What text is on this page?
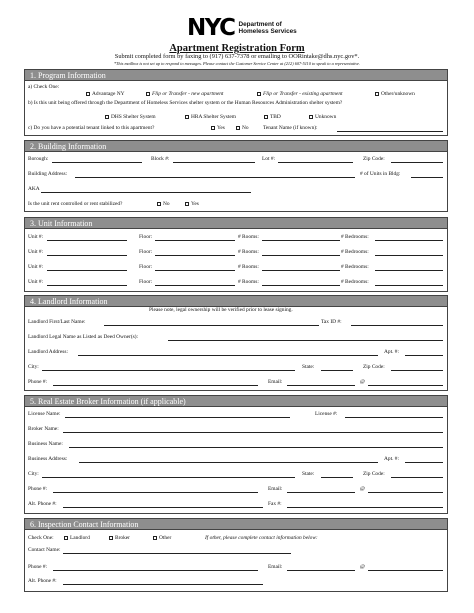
NYC Department of
Homeless Services
Apartment Registration Form
Submit completed form by faxing to (917) 637-7378 or emailing to OORintake@dhs.nyc.gov*.
*This mailbox is not set up to respond to messages. Please contact the Customer Service Center at (212) 607-5110 to speak to a representative.
1. Program Information
a) Check One:
Advantage NY	Flip or Transfer - new apartment	Flip or Transfer - existing apartment	Other/unknown
b) Is this unit being offered through the Department of Homeless Services shelter system or the Human Resources Administration shelter system?
DHS Shelter System	HRA Shelter System	TBD	Unknown
c) Do you have a potential tenant linked to this apartment?	Yes	No	Tenant Name (if known):
2. Building Information
Borough:	Block #:	Lot #:	Zip Code:
Building Address:	# of Units in Bldg:
AKA
Is the unit rent controlled or rent stabilized?	No	Yes
3. Unit Information
Unit #:	Floor:	# Rooms:	# Bedrooms:
Unit #:	Floor:	# Rooms:	# Bedrooms:
Unit #:	Floor:	# Rooms:	# Bedrooms:
Unit #:	Floor:	# Rooms:	# Bedrooms:
4. Landlord Information
Please note, legal ownership will be verified prior to lease signing.
Landlord First/Last Name:	Tax ID #:
Landlord Legal Name as Listed as Deed Owner(s):
Landlord Address:	Apt. #:
City:	State:	Zip Code:
Phone #:	Email:	@
5. Real Estate Broker Information (if applicable)
License Name:	License #:
Broker Name:
Business Name:
Business Address:	Apt. #:
City:	State:	Zip Code:
Phone #:	Email:	@
Alt. Phone #:	Fax #:
6. Inspection Contact Information
Check One:	Landlord	Broker	Other	If other, please complete contact information below:
Contact Name:
Phone #:	Email:	@
Alt. Phone #:
